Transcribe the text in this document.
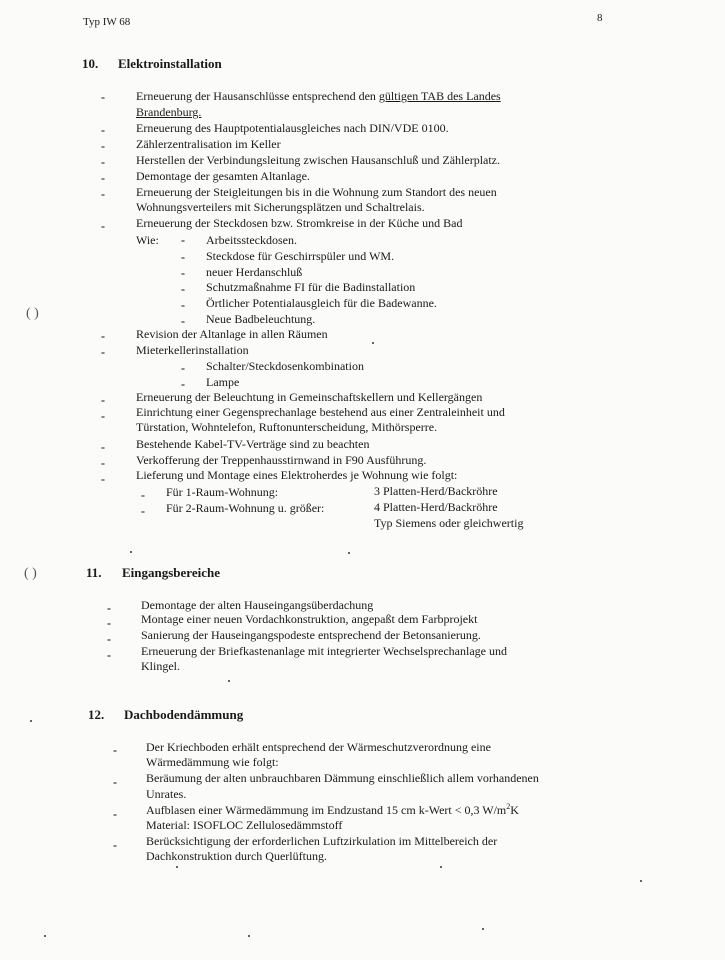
Typ IW 68	8
10. Elektroinstallation
-	Erneuerung der Hausanschlüsse entsprechend den gültigen TAB des Landes
Brandenburg.
-	Erneuerung des Hauptpotentialausgleiches nach DIN/VDE 0100.
-	Zählerzentralisation im Keller
-	Herstellen der Verbindungsleitung zwischen Hausanschluß und Zählerplatz.
-	Demontage der gesamten Altanlage.
-	Erneuerung der Steigleitungen bis in die Wohnung zum Standort des neuen
Wohnungsverteilers mit Sicherungsplätzen und Schaltrelais.
-	Erneuerung der Steckdosen bzw. Stromkreise in der Küche und Bad
Wie: - Arbeitssteckdosen.
- Steckdose für Geschirrspüler und WM.
- neuer Herdanschluß
- Schutzmaßnahme FI für die Badinstallation
- Örtlicher Potentialausgleich für die Badewanne.
- Neue Badbeleuchtung.
-	Revision der Altanlage in allen Räumen
-	Mieterkellerinstallation
- Schalter/Steckdosenkombination
- Lampe
-	Erneuerung der Beleuchtung in Gemeinschaftskellern und Kellergängen
-	Einrichtung einer Gegensprechanlage bestehend aus einer Zentraleinheit und
Türstation, Wohntelefon, Ruftonunterscheidung, Mithörsperre.
-	Bestehende Kabel-TV-Verträge sind zu beachten
-	Verkofferung der Treppenhausstirnwand in F90 Ausführung.
-	Lieferung und Montage eines Elektroherdes je Wohnung wie folgt:
- Für 1-Raum-Wohnung:	3 Platten-Herd/Backröhre
- Für 2-Raum-Wohnung u. größer:	4 Platten-Herd/Backröhre
Typ Siemens oder gleichwertig
11. Eingangsbereiche
-	Demontage der alten Hauseingangsüberdachung
-	Montage einer neuen Vordachkonstruktion, angepaßt dem Farbprojekt
-	Sanierung der Hauseingangspodeste entsprechend der Betonsanierung.
-	Erneuerung der Briefkastenanlage mit integrierter Wechselsprechanlage und
Klingel.
12. Dachbodendämmung
- Der Kriechboden erhält entsprechend der Wärmeschutzverordnung eine
Wärmedämmung wie folgt:
- Beräumung der alten unbrauchbaren Dämmung einschließlich allem vorhandenen
Unrates.
- Aufblasen einer Wärmedämmung im Endzustand 15 cm k-Wert < 0,3 $W/m^2K$
Material: ISOFLOC Zellulosedämmstoff
- Berücksichtigung der erforderlichen Luftzirkulation im Mittelbereich der
Dachkonstruktion durch Querlüftung.
( )
( )
